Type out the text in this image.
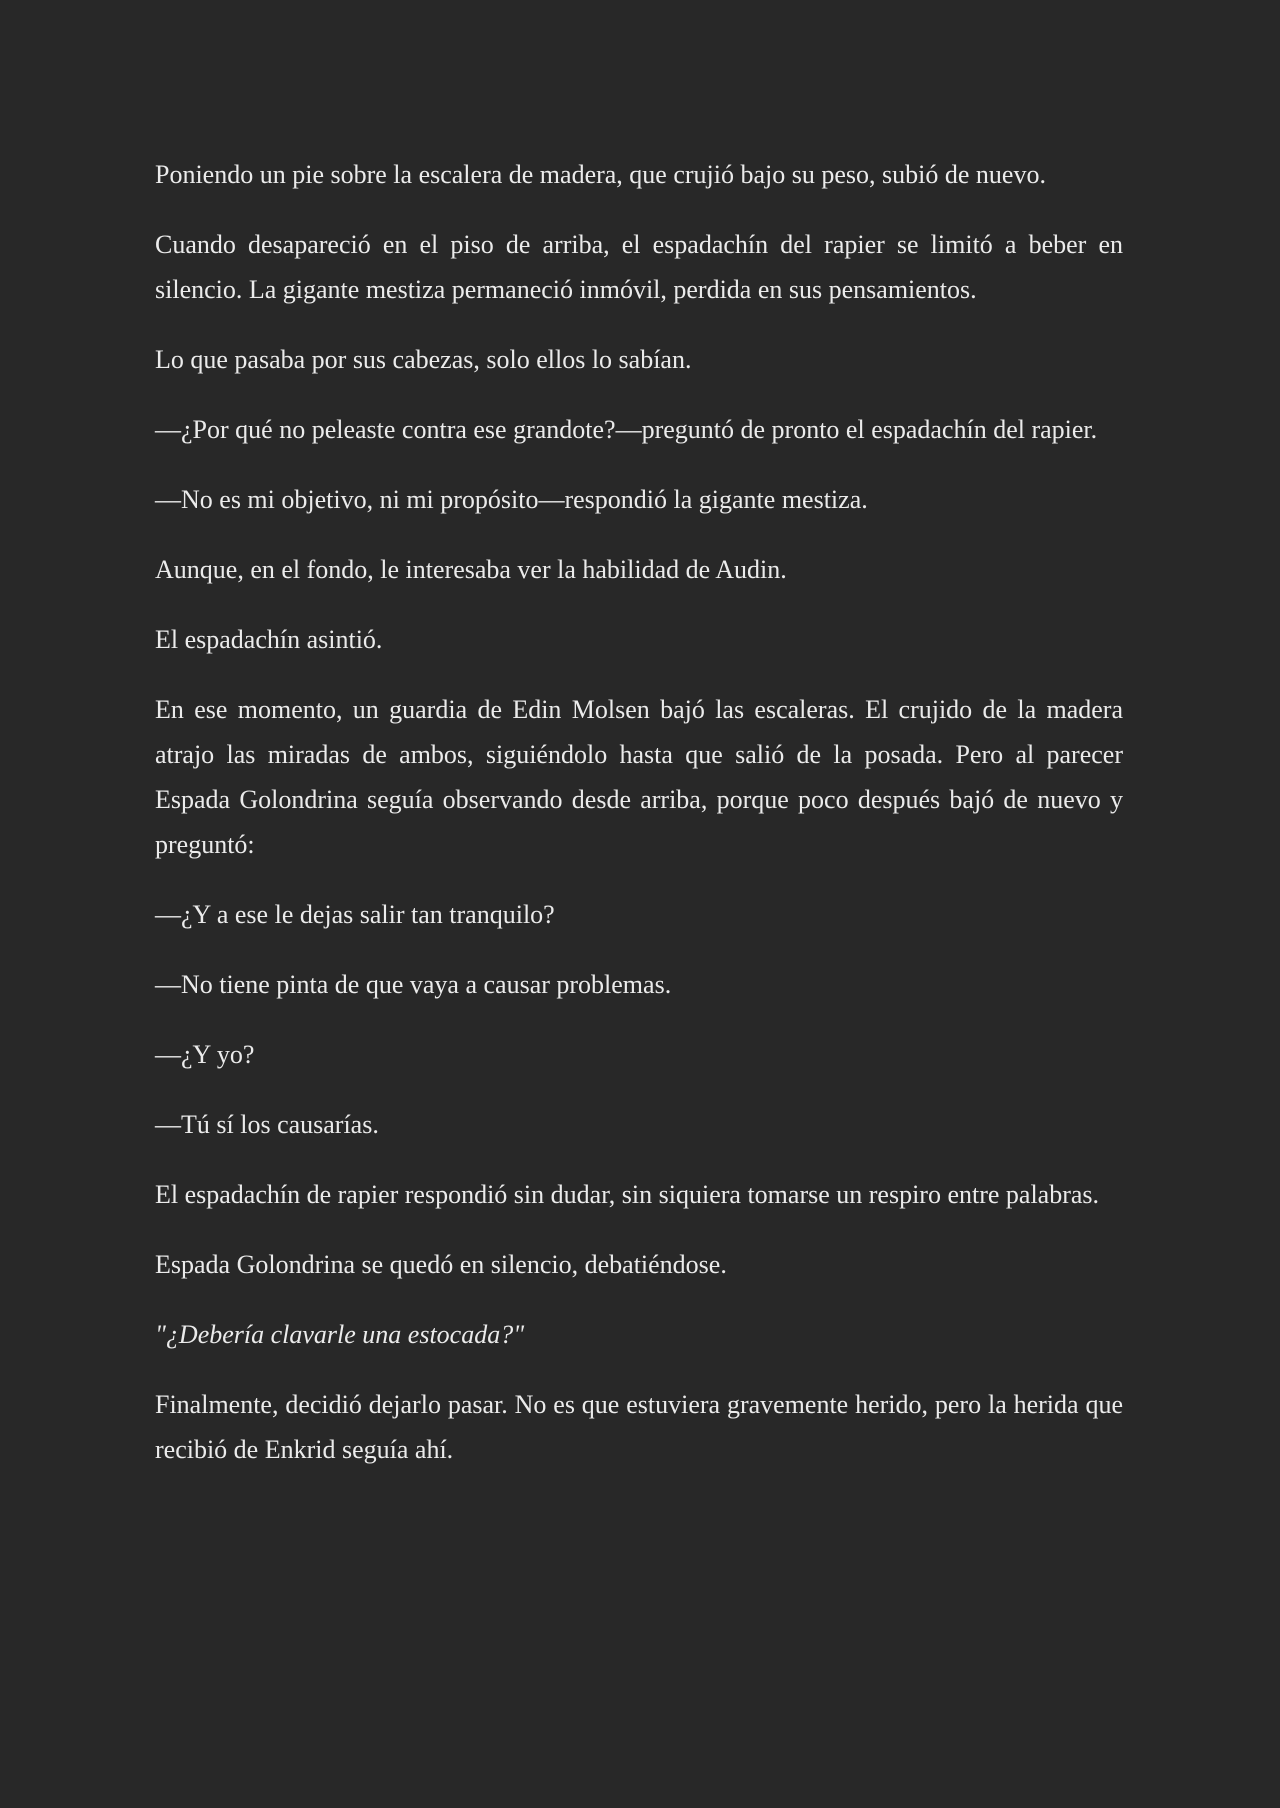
Poniendo un pie sobre la escalera de madera, que crujió bajo su peso, subió de nuevo.

Cuando desapareció en el piso de arriba, el espadachín del rapier se limitó a beber en silencio. La gigante mestiza permaneció inmóvil, perdida en sus pensamientos.

Lo que pasaba por sus cabezas, solo ellos lo sabían.

—¿Por qué no peleaste contra ese grandote?—preguntó de pronto el espadachín del rapier.

—No es mi objetivo, ni mi propósito—respondió la gigante mestiza.

Aunque, en el fondo, le interesaba ver la habilidad de Audin.

El espadachín asintió.

En ese momento, un guardia de Edin Molsen bajó las escaleras. El crujido de la madera atrajo las miradas de ambos, siguiéndolo hasta que salió de la posada. Pero al parecer Espada Golondrina seguía observando desde arriba, porque poco después bajó de nuevo y preguntó:

—¿Y a ese le dejas salir tan tranquilo?

—No tiene pinta de que vaya a causar problemas.

—¿Y yo?

—Tú sí los causarías.

El espadachín de rapier respondió sin dudar, sin siquiera tomarse un respiro entre palabras.

Espada Golondrina se quedó en silencio, debatiéndose.

"¿Debería clavarle una estocada?"

Finalmente, decidió dejarlo pasar. No es que estuviera gravemente herido, pero la herida que recibió de Enkrid seguía ahí.
